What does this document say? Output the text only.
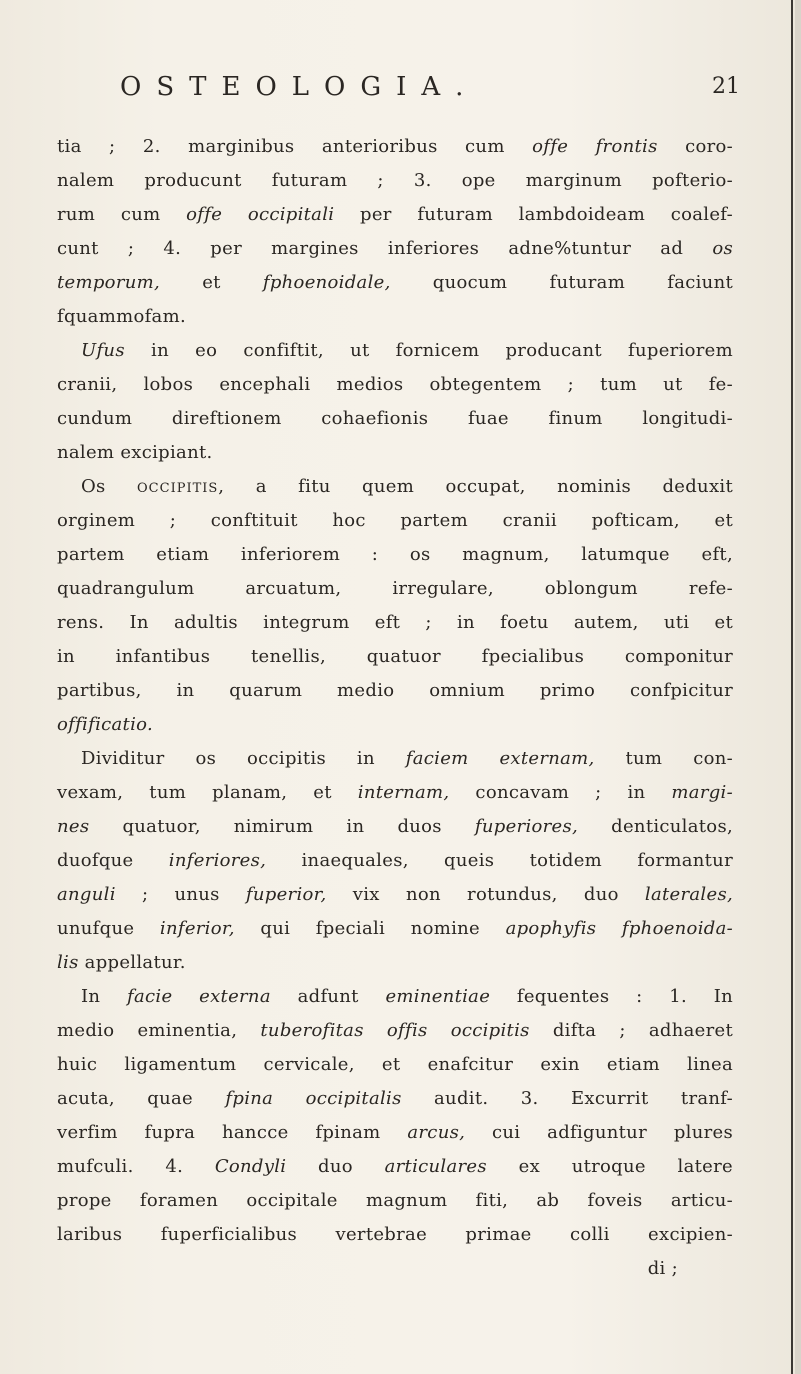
OSTEOLOGIA.	21
tia ; 2. marginibus anterioribus cum offe frontis coro-
nalem producunt futuram ; 3. ope marginum pofterio-
rum cum offe occipitali per futuram lambdoideam coalef-
cunt ; 4. per margines inferiores adne%tuntur ad os
temporum, et fphoenoidale, quocum futuram faciunt
fquammofam.
Ufus in eo confiftit, ut fornicem producant fuperiorem
cranii, lobos encephali medios obtegentem ; tum ut fe-
cundum direftionem cohaefionis fuae finum longitudi-
nalem excipiant.
Os occipitis, a fitu quem occupat, nominis deduxit
orginem ; conftituit hoc partem cranii pofticam, et
partem etiam inferiorem : os magnum, latumque eft,
quadrangulum arcuatum, irregulare, oblongum refe-
rens. In adultis integrum eft ; in foetu autem, uti et
in infantibus tenellis, quatuor fpecialibus componitur
partibus, in quarum medio omnium primo confpicitur
offificatio.
Dividitur os occipitis in faciem externam, tum con-
vexam, tum planam, et internam, concavam ; in margi-
nes quatuor, nimirum in duos fuperiores, denticulatos,
duofque inferiores, inaequales, queis totidem formantur
anguli ; unus fuperior, vix non rotundus, duo laterales,
unufque inferior, qui fpeciali nomine apophyfis fphoenoida-
lis appellatur.
In facie externa adfunt eminentiae fequentes : 1. In
medio eminentia, tuberofitas offis occipitis difta ; adhaeret
huic ligamentum cervicale, et enafcitur exin etiam linea
acuta, quae fpina occipitalis audit. 3. Excurrit tranf-
verfim fupra hancce fpinam arcus, cui adfiguntur plures
mufculi. 4. Condyli duo articulares ex utroque latere
prope foramen occipitale magnum fiti, ab foveis articu-
laribus fuperficialibus vertebrae primae colli excipien-
di ;
